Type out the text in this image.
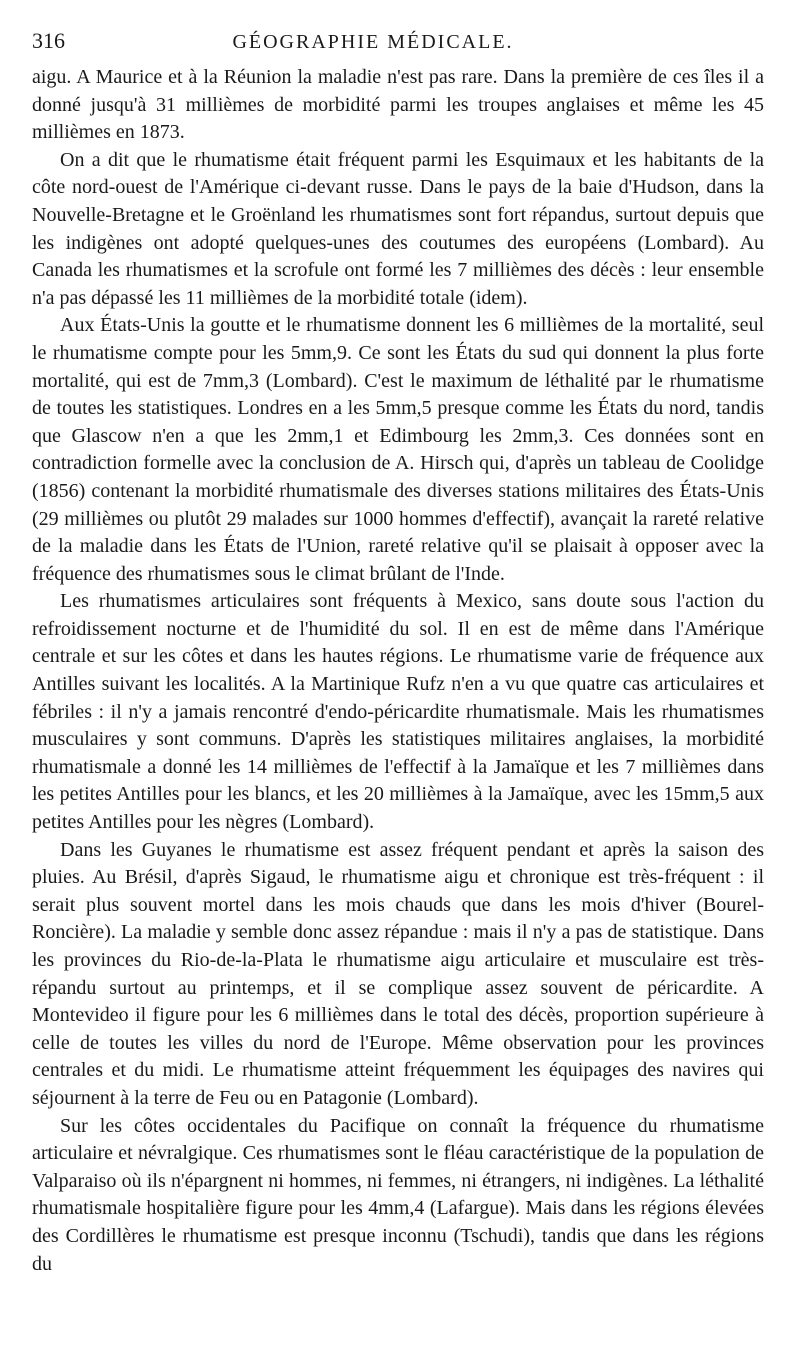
316	GÉOGRAPHIE MÉDICALE.

aigu. A Maurice et à la Réunion la maladie n'est pas rare. Dans la première de ces îles il a donné jusqu'à 31 millièmes de morbidité parmi les troupes anglaises et même les 45 millièmes en 1873.

On a dit que le rhumatisme était fréquent parmi les Esquimaux et les habitants de la côte nord-ouest de l'Amérique ci-devant russe. Dans le pays de la baie d'Hudson, dans la Nouvelle-Bretagne et le Groënland les rhumatismes sont fort répandus, surtout depuis que les indigènes ont adopté quelques-unes des coutumes des européens (Lombard). Au Canada les rhumatismes et la scrofule ont formé les 7 millièmes des décès : leur ensemble n'a pas dépassé les 11 millièmes de la morbidité totale (idem).

Aux États-Unis la goutte et le rhumatisme donnent les 6 millièmes de la mortalité, seul le rhumatisme compte pour les 5mm,9. Ce sont les États du sud qui donnent la plus forte mortalité, qui est de 7mm,3 (Lombard). C'est le maximum de léthalité par le rhumatisme de toutes les statistiques. Londres en a les 5mm,5 presque comme les États du nord, tandis que Glascow n'en a que les 2mm,1 et Edimbourg les 2mm,3. Ces données sont en contradiction formelle avec la conclusion de A. Hirsch qui, d'après un tableau de Coolidge (1856) contenant la morbidité rhumatismale des diverses stations militaires des États-Unis (29 millièmes ou plutôt 29 malades sur 1000 hommes d'effectif), avançait la rareté relative de la maladie dans les États de l'Union, rareté relative qu'il se plaisait à opposer avec la fréquence des rhumatismes sous le climat brûlant de l'Inde.

Les rhumatismes articulaires sont fréquents à Mexico, sans doute sous l'action du refroidissement nocturne et de l'humidité du sol. Il en est de même dans l'Amérique centrale et sur les côtes et dans les hautes régions. Le rhumatisme varie de fréquence aux Antilles suivant les localités. A la Martinique Rufz n'en a vu que quatre cas articulaires et fébriles : il n'y a jamais rencontré d'endo-péricardite rhumatismale. Mais les rhumatismes musculaires y sont communs. D'après les statistiques militaires anglaises, la morbidité rhumatismale a donné les 14 millièmes de l'effectif à la Jamaïque et les 7 millièmes dans les petites Antilles pour les blancs, et les 20 millièmes à la Jamaïque, avec les 15mm,5 aux petites Antilles pour les nègres (Lombard).

Dans les Guyanes le rhumatisme est assez fréquent pendant et après la saison des pluies. Au Brésil, d'après Sigaud, le rhumatisme aigu et chronique est très-fréquent : il serait plus souvent mortel dans les mois chauds que dans les mois d'hiver (Bourel-Roncière). La maladie y semble donc assez répandue : mais il n'y a pas de statistique. Dans les provinces du Rio-de-la-Plata le rhumatisme aigu articulaire et musculaire est très-répandu surtout au printemps, et il se complique assez souvent de péricardite. A Montevideo il figure pour les 6 millièmes dans le total des décès, proportion supérieure à celle de toutes les villes du nord de l'Europe. Même observation pour les provinces centrales et du midi. Le rhumatisme atteint fréquemment les équipages des navires qui séjournent à la terre de Feu ou en Patagonie (Lombard).

Sur les côtes occidentales du Pacifique on connaît la fréquence du rhumatisme articulaire et névralgique. Ces rhumatismes sont le fléau caractéristique de la population de Valparaiso où ils n'épargnent ni hommes, ni femmes, ni étrangers, ni indigènes. La léthalité rhumatismale hospitalière figure pour les 4mm,4 (Lafargue). Mais dans les régions élevées des Cordillères le rhumatisme est presque inconnu (Tschudi), tandis que dans les régions du
